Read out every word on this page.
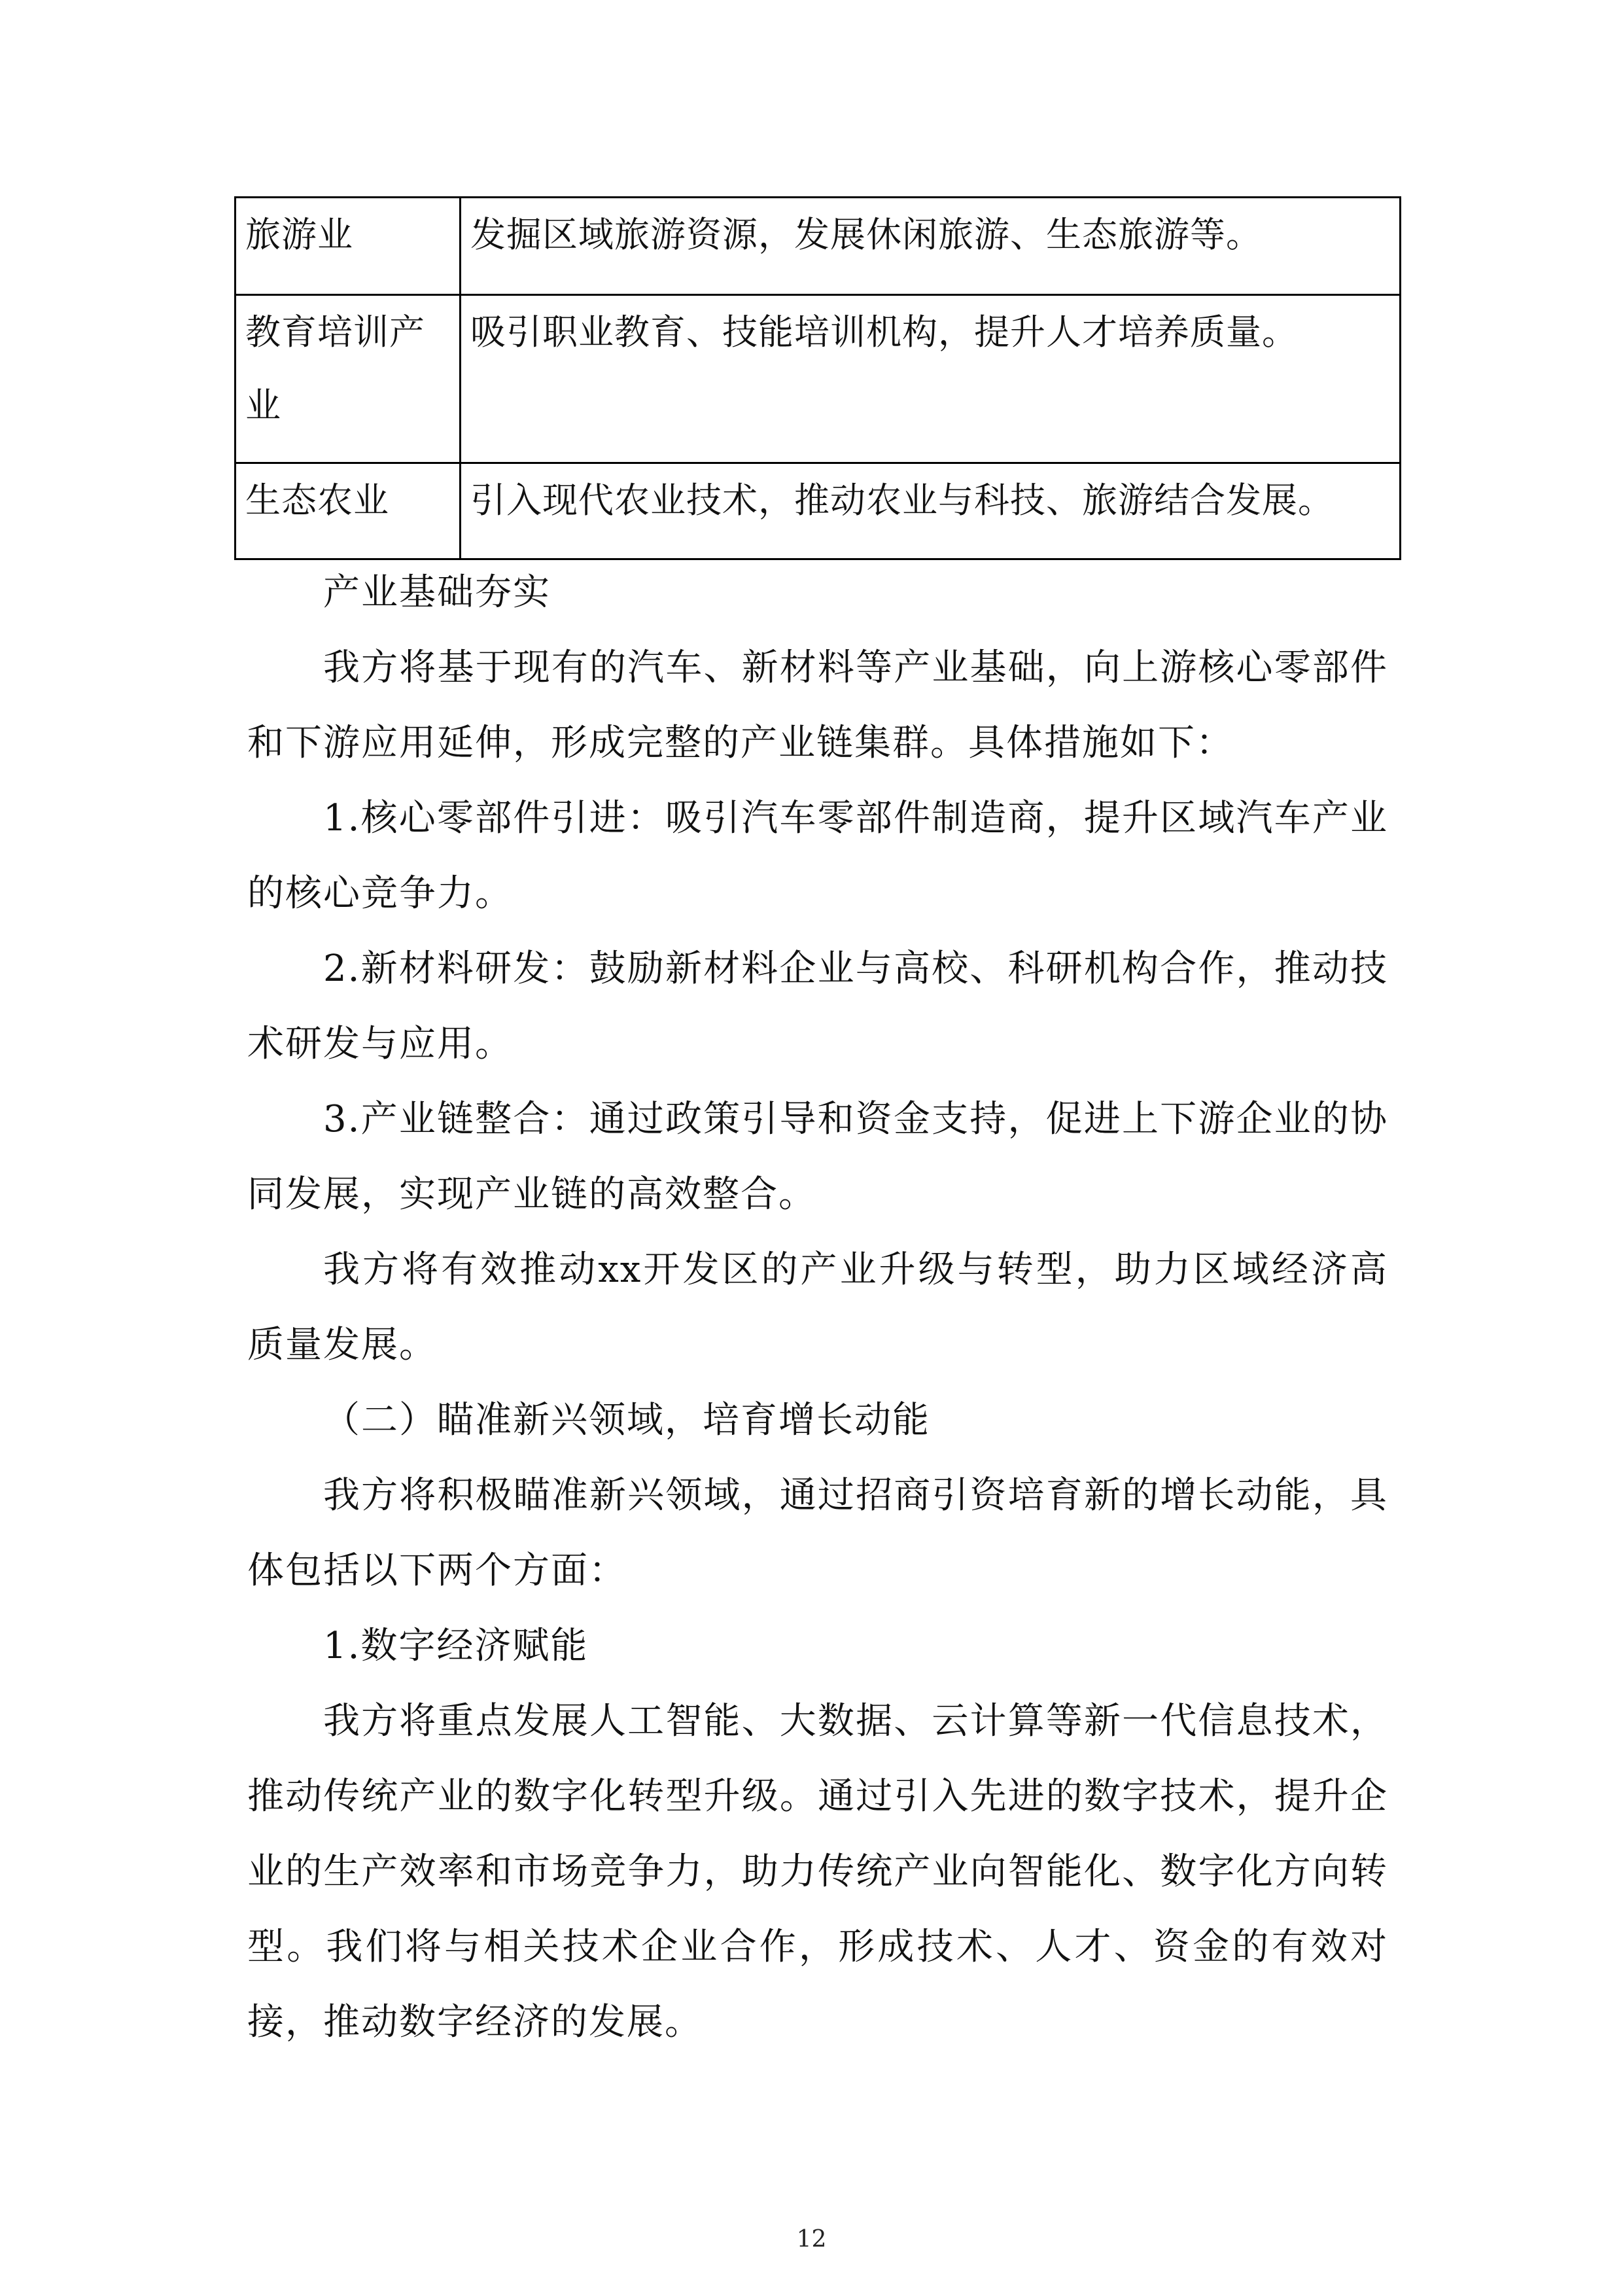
旅游业	发掘区域旅游资源，发展休闲旅游、生态旅游等。
教育培训产业	吸引职业教育、技能培训机构，提升人才培养质量。
生态农业	引入现代农业技术，推动农业与科技、旅游结合发展。

产业基础夯实

我方将基于现有的汽车、新材料等产业基础，向上游核心零部件和下游应用延伸，形成完整的产业链集群。具体措施如下：

1.核心零部件引进：吸引汽车零部件制造商，提升区域汽车产业的核心竞争力。

2.新材料研发：鼓励新材料企业与高校、科研机构合作，推动技术研发与应用。

3.产业链整合：通过政策引导和资金支持，促进上下游企业的协同发展，实现产业链的高效整合。

我方将有效推动xx开发区的产业升级与转型，助力区域经济高质量发展。

（二）瞄准新兴领域，培育增长动能

我方将积极瞄准新兴领域，通过招商引资培育新的增长动能，具体包括以下两个方面：

1.数字经济赋能

我方将重点发展人工智能、大数据、云计算等新一代信息技术，推动传统产业的数字化转型升级。通过引入先进的数字技术，提升企业的生产效率和市场竞争力，助力传统产业向智能化、数字化方向转型。我们将与相关技术企业合作，形成技术、人才、资金的有效对接，推动数字经济的发展。

12
